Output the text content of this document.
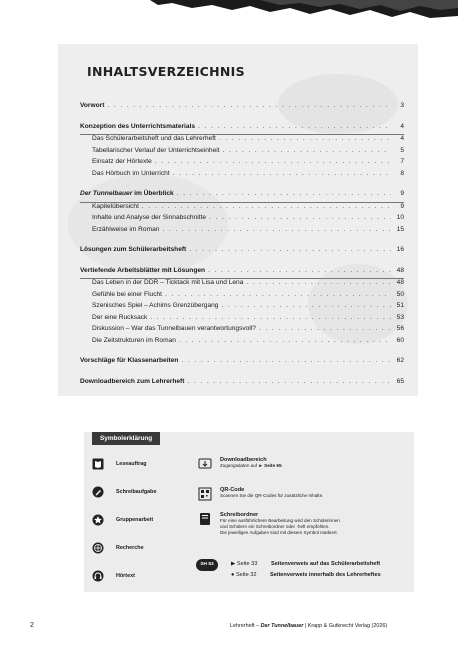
INHALTSVERZEICHNIS
Vorwort . . .	3
Konzeption des Unterrichtsmaterials . . .	4
Das Schülerarbeitsheft und das Lehrerheft . . .	4
Tabellarischer Verlauf der Unterrichtseinheit . . .	5
Einsatz der Hörtexte . . .	7
Das Hörbuch im Unterricht . . .	8
Der Tunnelbauer im Überblick . . .	9
Kapitelübersicht . . .	9
Inhalte und Analyse der Sinnabschnitte . . .	10
Erzählweise im Roman . . .	15
Lösungen zum Schülerarbeitsheft . . .	16
Vertiefende Arbeitsblätter mit Lösungen . . .	48
Das Leben in der DDR – Ticktack mit Lisa und Lena . . .	48
Gefühle bei einer Flucht . . .	50
Szenisches Spiel – Achims Grenzübergang . . .	51
Der eine Rucksack . . .	53
Diskussion – War das Tunnelbauen verantwortungsvoll? . . .	56
Die Zeitstrukturen im Roman . . .	60
Vorschläge für Klassenarbeiten . . .	62
Downloadbereich zum Lehrerheft . . .	65
Symbolerklärung
Leseauftrag
Schreibaufgabe
Gruppenarbeit
Recherche
Hörtext
Downloadbereich
Zugangsdaten auf ► Seite 65
QR-Code
Scannen Sie die QR-Codes für zusätzliche Inhalte.
Schreibordner
Für eine ausführlichere Bearbeitung wird den Schülerinnen
und Schülern ein Schreibordner oder -heft empfohlen.
Die jeweiligen Aufgaben sind mit diesem Symbol markiert.
SH 53	▶ Seite 33 Seitenverweis auf das Schülerarbeitsheft
● Seite 32 Seitenverweis innerhalb des Lehrerheftes
2	Lehrerheft – Der Tunnelbauer | Krapp & Gutknecht Verlag (2026)
